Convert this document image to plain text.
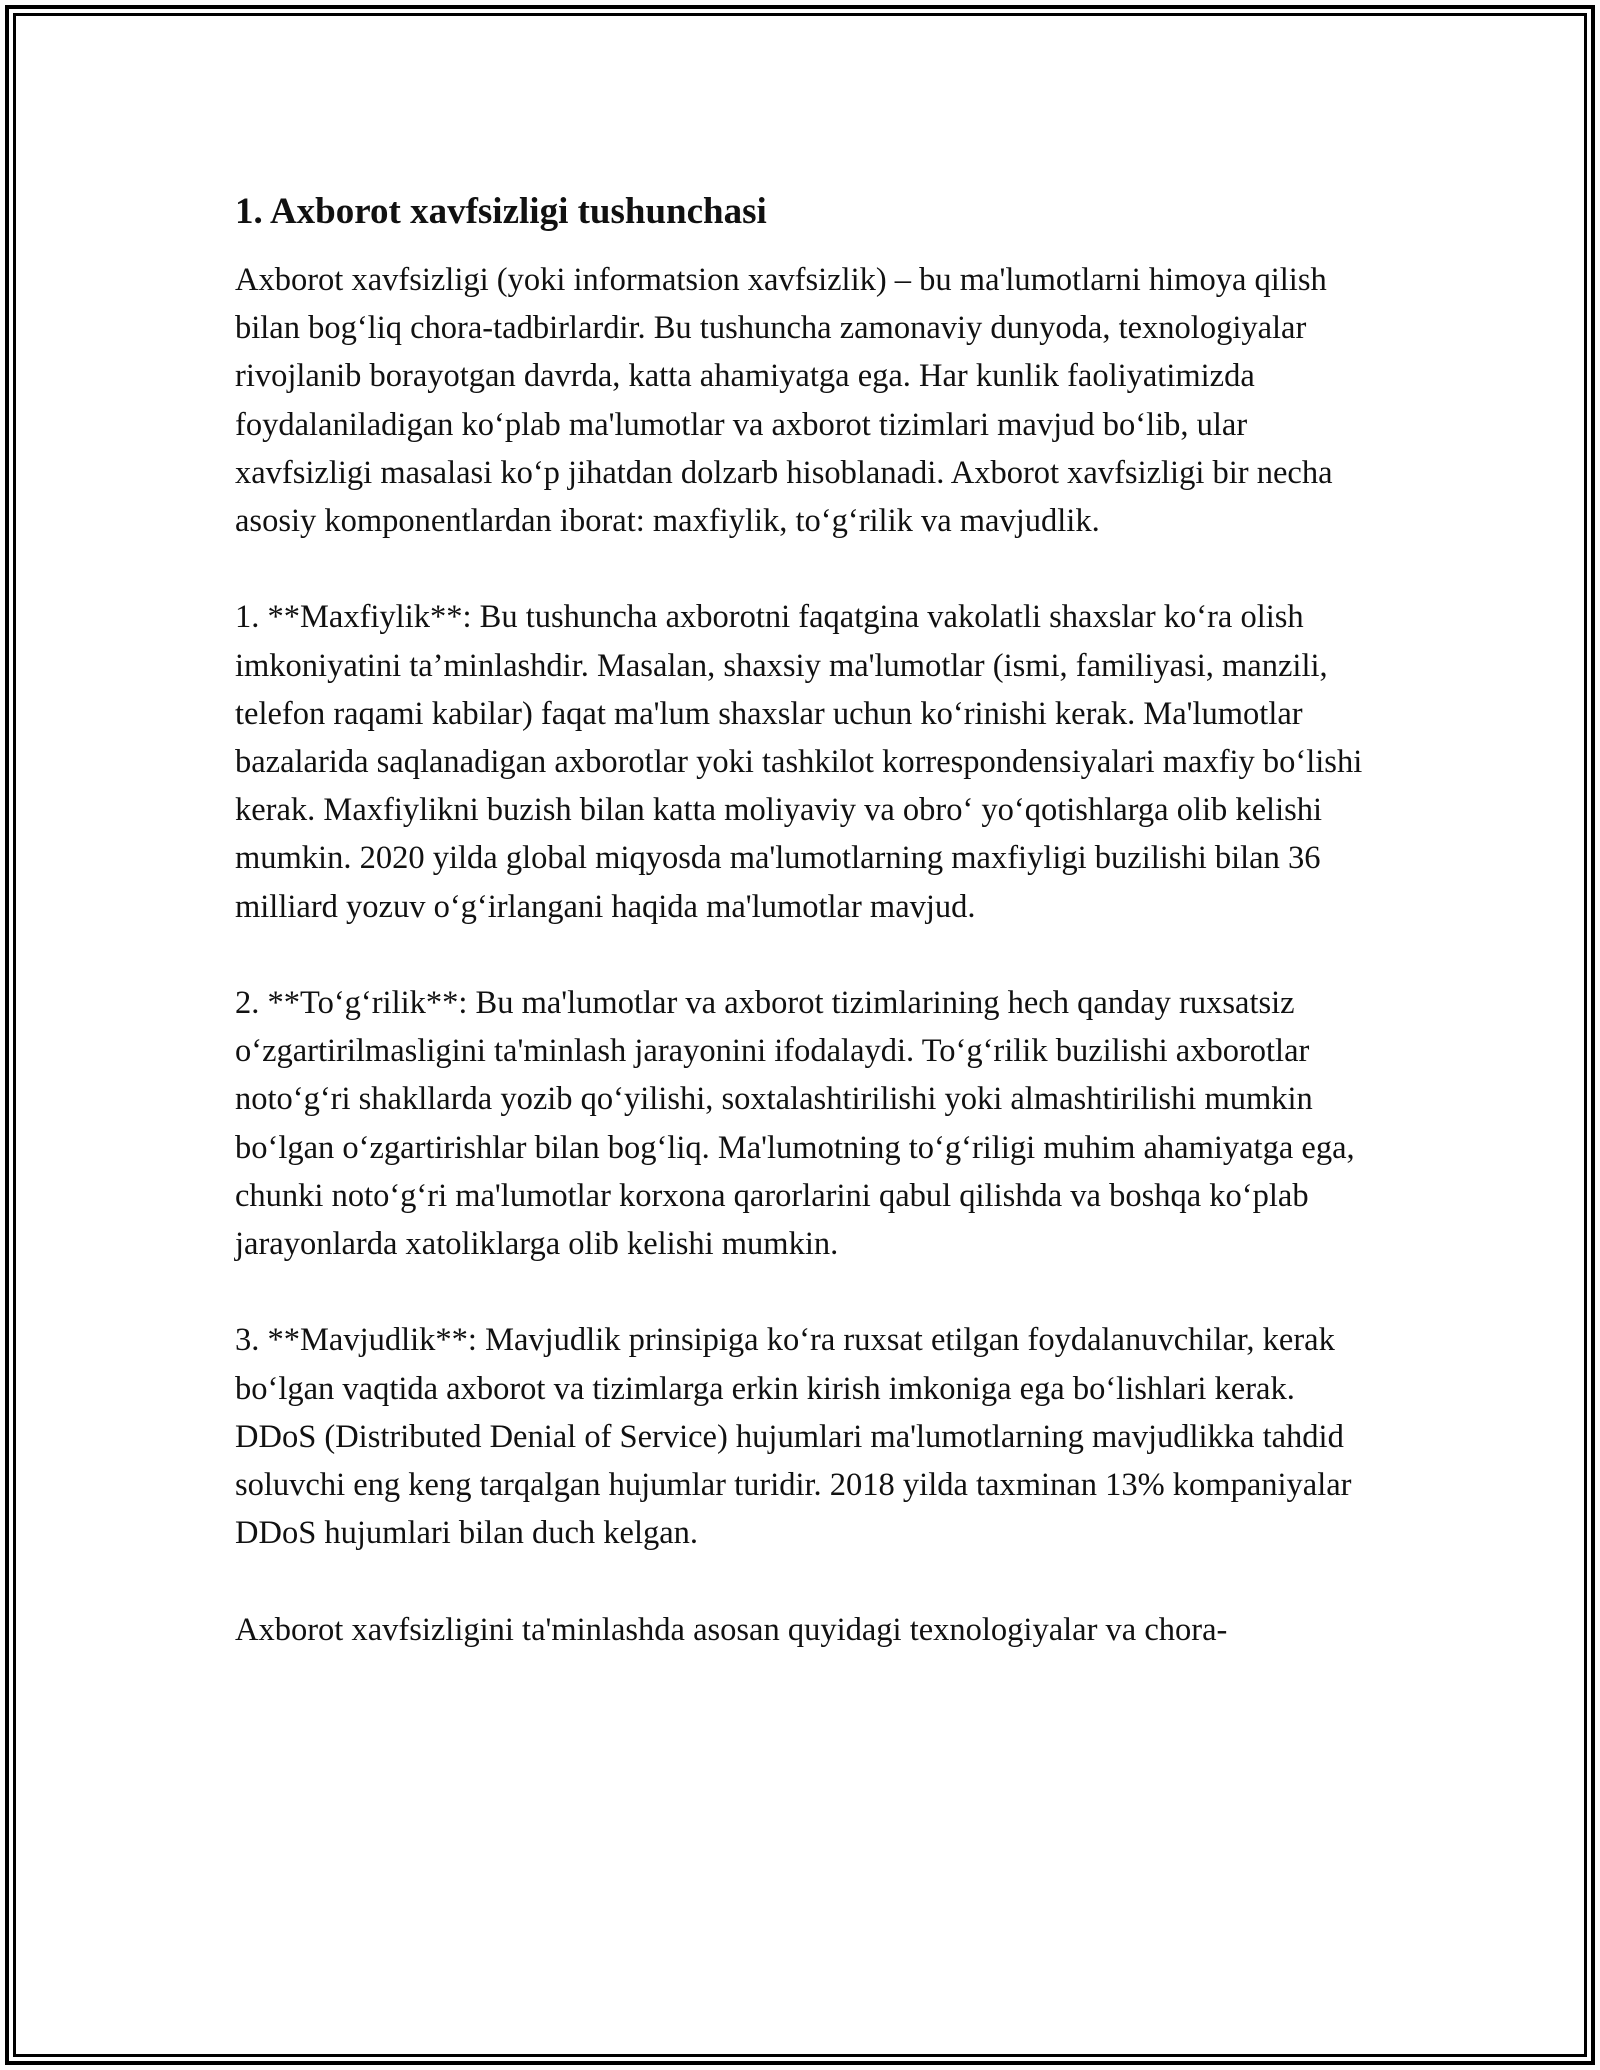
1. Axborot xavfsizligi tushunchasi

Axborot xavfsizligi (yoki informatsion xavfsizlik) – bu ma'lumotlarni himoya qilish bilan bog‘liq chora-tadbirlardir. Bu tushuncha zamonaviy dunyoda, texnologiyalar rivojlanib borayotgan davrda, katta ahamiyatga ega. Har kunlik faoliyatimizda foydalaniladigan ko‘plab ma'lumotlar va axborot tizimlari mavjud bo‘lib, ular xavfsizligi masalasi ko‘p jihatdan dolzarb hisoblanadi. Axborot xavfsizligi bir necha asosiy komponentlardan iborat: maxfiylik, to‘g‘rilik va mavjudlik.

1. **Maxfiylik**: Bu tushuncha axborotni faqatgina vakolatli shaxslar ko‘ra olish imkoniyatini ta’minlashdir. Masalan, shaxsiy ma'lumotlar (ismi, familiyasi, manzili, telefon raqami kabilar) faqat ma'lum shaxslar uchun ko‘rinishi kerak. Ma'lumotlar bazalarida saqlanadigan axborotlar yoki tashkilot korrespondensiyalari maxfiy bo‘lishi kerak. Maxfiylikni buzish bilan katta moliyaviy va obro‘ yo‘qotishlarga olib kelishi mumkin. 2020 yilda global miqyosda ma'lumotlarning maxfiyligi buzilishi bilan 36 milliard yozuv o‘g‘irlangani haqida ma'lumotlar mavjud.

2. **To‘g‘rilik**: Bu ma'lumotlar va axborot tizimlarining hech qanday ruxsatsiz o‘zgartirilmasligini ta'minlash jarayonini ifodalaydi. To‘g‘rilik buzilishi axborotlar noto‘g‘ri shakllarda yozib qo‘yilishi, soxtalashtirilishi yoki almashtirilishi mumkin bo‘lgan o‘zgartirishlar bilan bog‘liq. Ma'lumotning to‘g‘riligi muhim ahamiyatga ega, chunki noto‘g‘ri ma'lumotlar korxona qarorlarini qabul qilishda va boshqa ko‘plab jarayonlarda xatoliklarga olib kelishi mumkin.

3. **Mavjudlik**: Mavjudlik prinsipiga ko‘ra ruxsat etilgan foydalanuvchilar, kerak bo‘lgan vaqtida axborot va tizimlarga erkin kirish imkoniga ega bo‘lishlari kerak. DDoS (Distributed Denial of Service) hujumlari ma'lumotlarning mavjudlikka tahdid soluvchi eng keng tarqalgan hujumlar turidir. 2018 yilda taxminan 13% kompaniyalar DDoS hujumlari bilan duch kelgan.

Axborot xavfsizligini ta'minlashda asosan quyidagi texnologiyalar va chora-
